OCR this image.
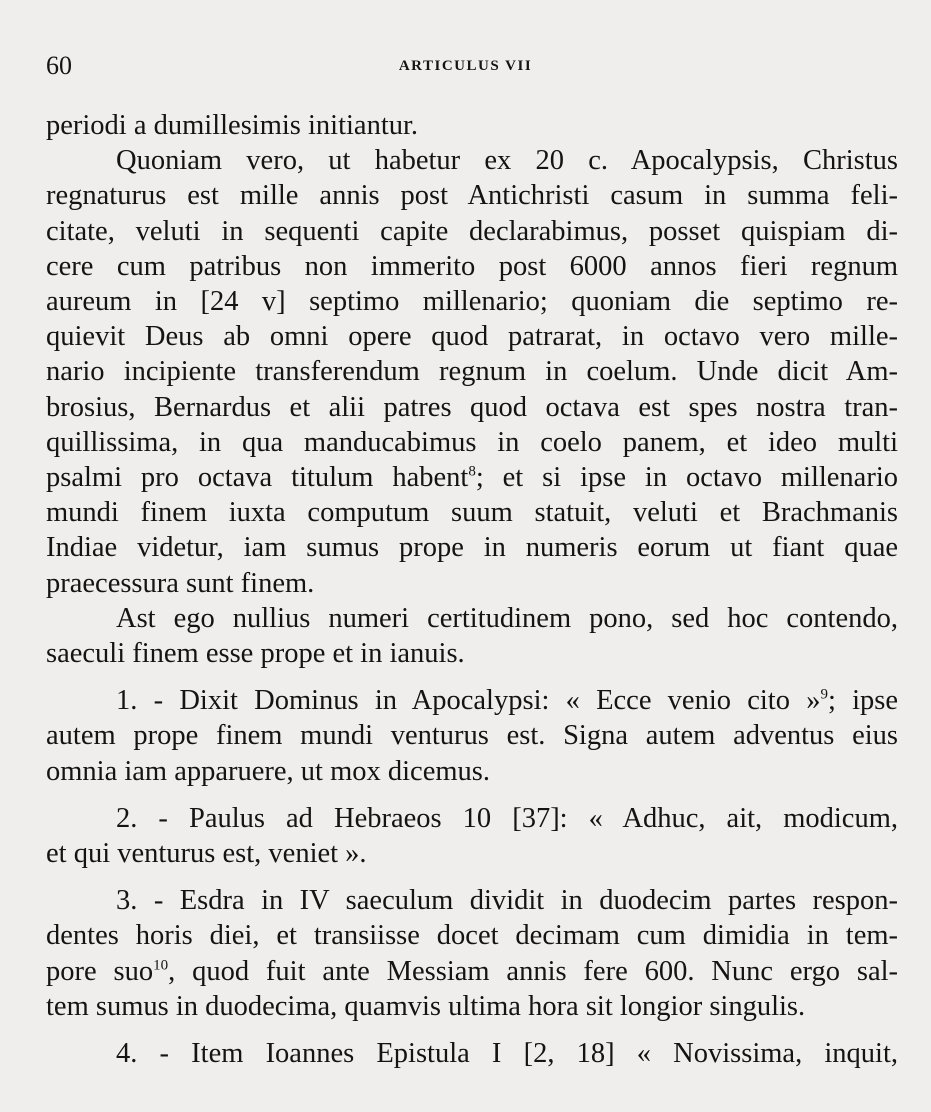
60	ARTICULUS VII
periodi a dumillesimis initiantur.
Quoniam vero, ut habetur ex 20 c. Apocalypsis, Christus
regnaturus est mille annis post Antichristi casum in summa feli-
citate, veluti in sequenti capite declarabimus, posset quispiam di-
cere cum patribus non immerito post 6000 annos fieri regnum
aureum in [24 v] septimo millenario; quoniam die septimo re-
quievit Deus ab omni opere quod patrarat, in octavo vero mille-
nario incipiente transferendum regnum in coelum. Unde dicit Am-
brosius, Bernardus et alii patres quod octava est spes nostra tran-
quillissima, in qua manducabimus in coelo panem, et ideo multi
psalmi pro octava titulum habent$^8$; et si ipse in octavo millenario
mundi finem iuxta computum suum statuit, veluti et Brachmanis
Indiae videtur, iam sumus prope in numeris eorum ut fiant quae
praecessura sunt finem.
Ast ego nullius numeri certitudinem pono, sed hoc contendo,
saeculi finem esse prope et in ianuis.
1. - Dixit Dominus in Apocalypsi: « Ecce venio cito »$^9$; ipse
autem prope finem mundi venturus est. Signa autem adventus eius
omnia iam apparuere, ut mox dicemus.
2. - Paulus ad Hebraeos 10 [37]: « Adhuc, ait, modicum,
et qui venturus est, veniet ».
3. - Esdra in IV saeculum dividit in duodecim partes respon-
dentes horis diei, et transiisse docet decimam cum dimidia in tem-
pore suo$^{10}$, quod fuit ante Messiam annis fere 600. Nunc ergo sal-
tem sumus in duodecima, quamvis ultima hora sit longior singulis.
4. - Item Ioannes Epistula I [2, 18] « Novissima, inquit,
